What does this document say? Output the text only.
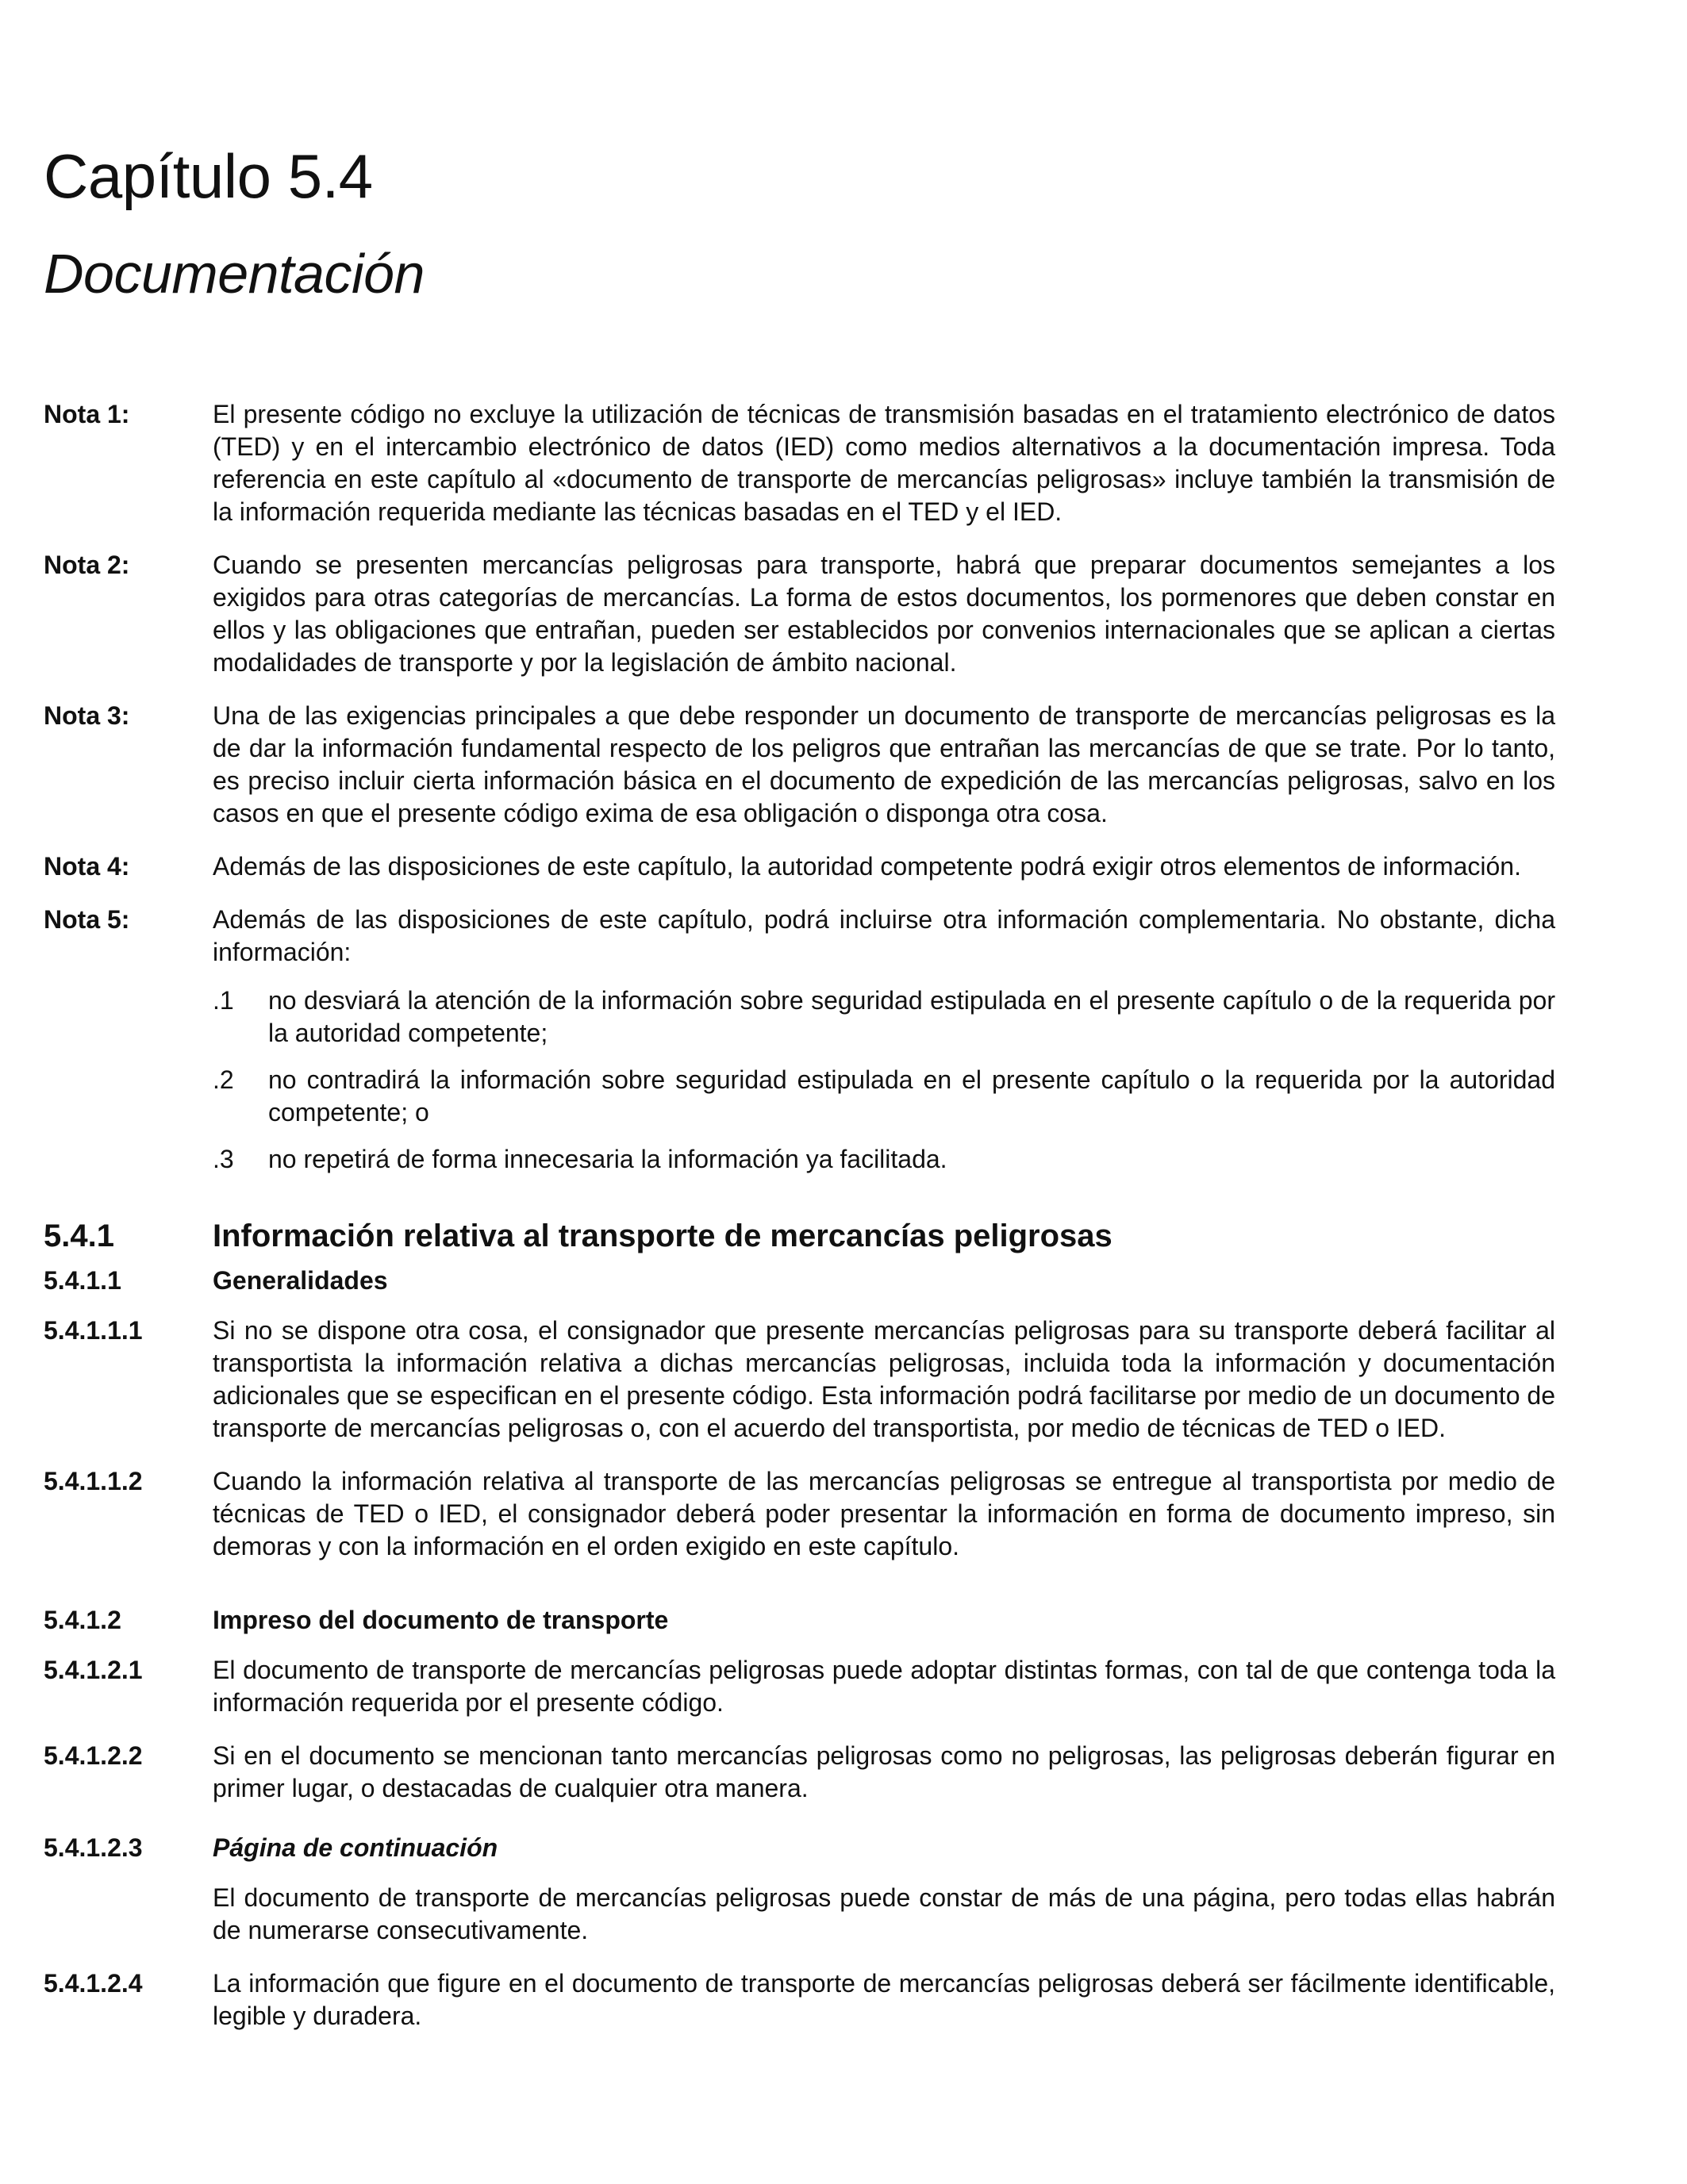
Capítulo 5.4
Documentación
Nota 1:	El presente código no excluye la utilización de técnicas de transmisión basadas en el tratamiento electrónico de datos (TED) y en el intercambio electrónico de datos (IED) como medios alternativos a la documentación impresa. Toda referencia en este capítulo al «documento de transporte de mercancías peligrosas» incluye también la transmisión de la información requerida mediante las técnicas basadas en el TED y el IED.
Nota 2:	Cuando se presenten mercancías peligrosas para transporte, habrá que preparar documentos semejantes a los exigidos para otras categorías de mercancías. La forma de estos documentos, los pormenores que deben constar en ellos y las obligaciones que entrañan, pueden ser establecidos por convenios internacionales que se aplican a ciertas modalidades de transporte y por la legislación de ámbito nacional.
Nota 3:	Una de las exigencias principales a que debe responder un documento de transporte de mercancías peligrosas es la de dar la información fundamental respecto de los peligros que entrañan las mercancías de que se trate. Por lo tanto, es preciso incluir cierta información básica en el documento de expedición de las mercancías peligrosas, salvo en los casos en que el presente código exima de esa obligación o disponga otra cosa.
Nota 4:	Además de las disposiciones de este capítulo, la autoridad competente podrá exigir otros elementos de información.
Nota 5:	Además de las disposiciones de este capítulo, podrá incluirse otra información complementaria. No obstante, dicha información:
.1	no desviará la atención de la información sobre seguridad estipulada en el presente capítulo o de la requerida por la autoridad competente;
.2	no contradirá la información sobre seguridad estipulada en el presente capítulo o la requerida por la autoridad competente; o
.3	no repetirá de forma innecesaria la información ya facilitada.
5.4.1	Información relativa al transporte de mercancías peligrosas
5.4.1.1	Generalidades
5.4.1.1.1	Si no se dispone otra cosa, el consignador que presente mercancías peligrosas para su transporte deberá facilitar al transportista la información relativa a dichas mercancías peligrosas, incluida toda la información y documentación adicionales que se especifican en el presente código. Esta información podrá facilitarse por medio de un documento de transporte de mercancías peligrosas o, con el acuerdo del transportista, por medio de técnicas de TED o IED.
5.4.1.1.2	Cuando la información relativa al transporte de las mercancías peligrosas se entregue al transportista por medio de técnicas de TED o IED, el consignador deberá poder presentar la información en forma de documento impreso, sin demoras y con la información en el orden exigido en este capítulo.
5.4.1.2	Impreso del documento de transporte
5.4.1.2.1	El documento de transporte de mercancías peligrosas puede adoptar distintas formas, con tal de que contenga toda la información requerida por el presente código.
5.4.1.2.2	Si en el documento se mencionan tanto mercancías peligrosas como no peligrosas, las peligrosas deberán figurar en primer lugar, o destacadas de cualquier otra manera.
5.4.1.2.3	Página de continuación
El documento de transporte de mercancías peligrosas puede constar de más de una página, pero todas ellas habrán de numerarse consecutivamente.
5.4.1.2.4	La información que figure en el documento de transporte de mercancías peligrosas deberá ser fácilmente identificable, legible y duradera.
